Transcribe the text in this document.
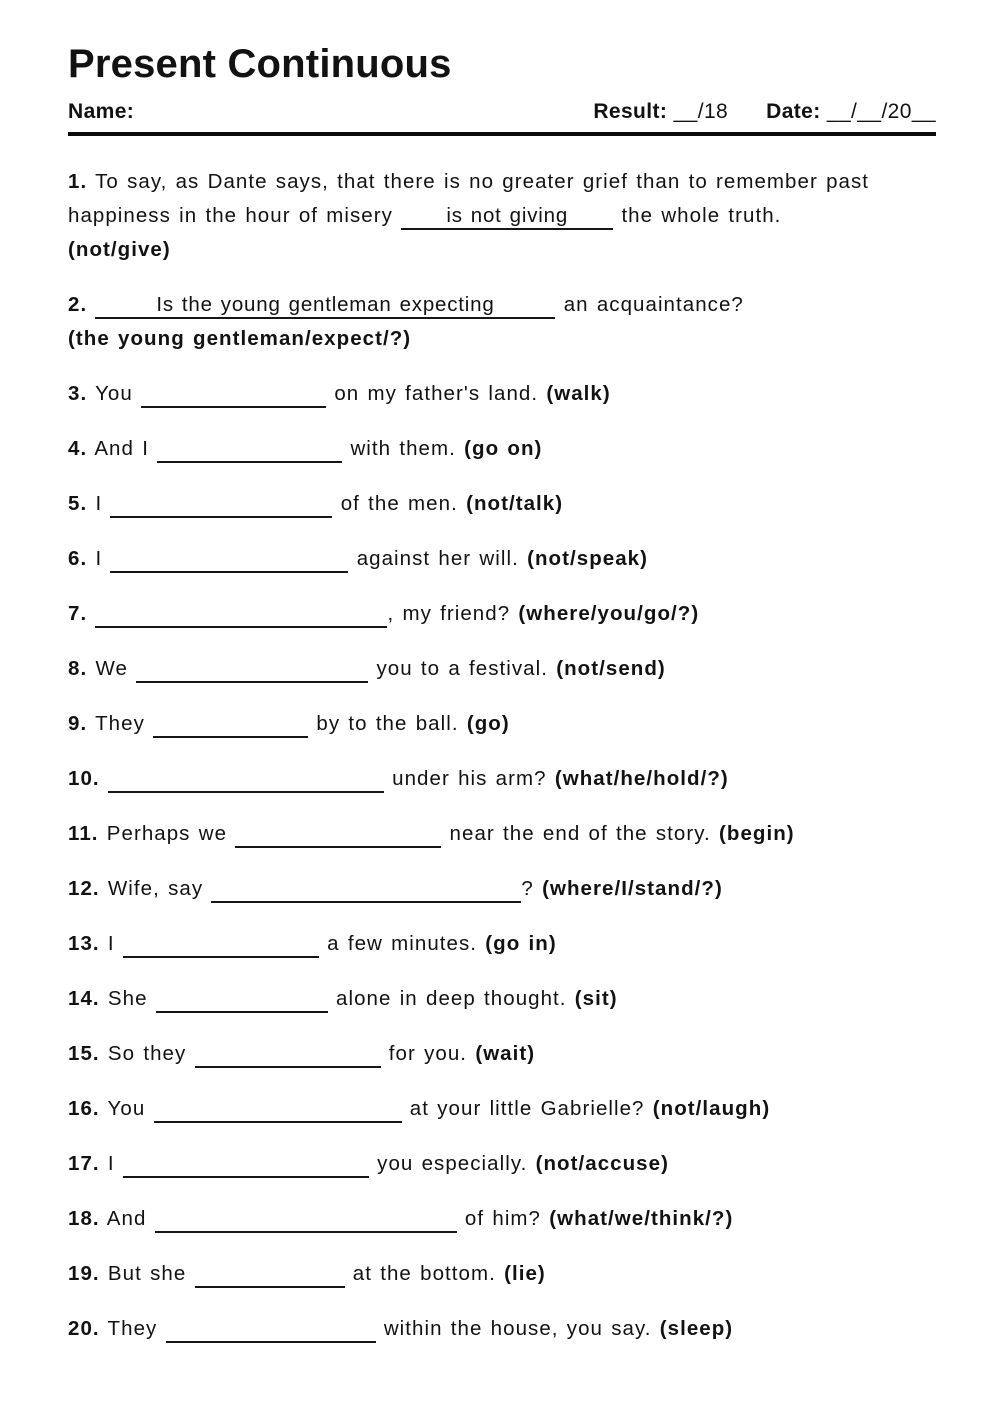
Present Continuous
Name:	Result: __/18 Date: __/__/20__
1. To say, as Dante says, that there is no greater grief than to remember past
happiness in the hour of misery	is not giving	the whole truth.
(not/give)
2.	Is the young gentleman expecting	an acquaintance?
(the young gentleman/expect/?)
3. You	on my father's land. (walk)
4. And I	with them. (go on)
5. I	of the men. (not/talk)
6. I	against her will. (not/speak)
7.	, my friend? (where/you/go/?)
8. We	you to a festival. (not/send)
9. They	by to the ball. (go)
10.	under his arm? (what/he/hold/?)
11. Perhaps we	near the end of the story. (begin)
12. Wife, say	? (where/I/stand/?)
13. I	a few minutes. (go in)
14. She	alone in deep thought. (sit)
15. So they	for you. (wait)
16. You	at your little Gabrielle? (not/laugh)
17. I	you especially. (not/accuse)
18. And	of him? (what/we/think/?)
19. But she	at the bottom. (lie)
20. They	within the house, you say. (sleep)
